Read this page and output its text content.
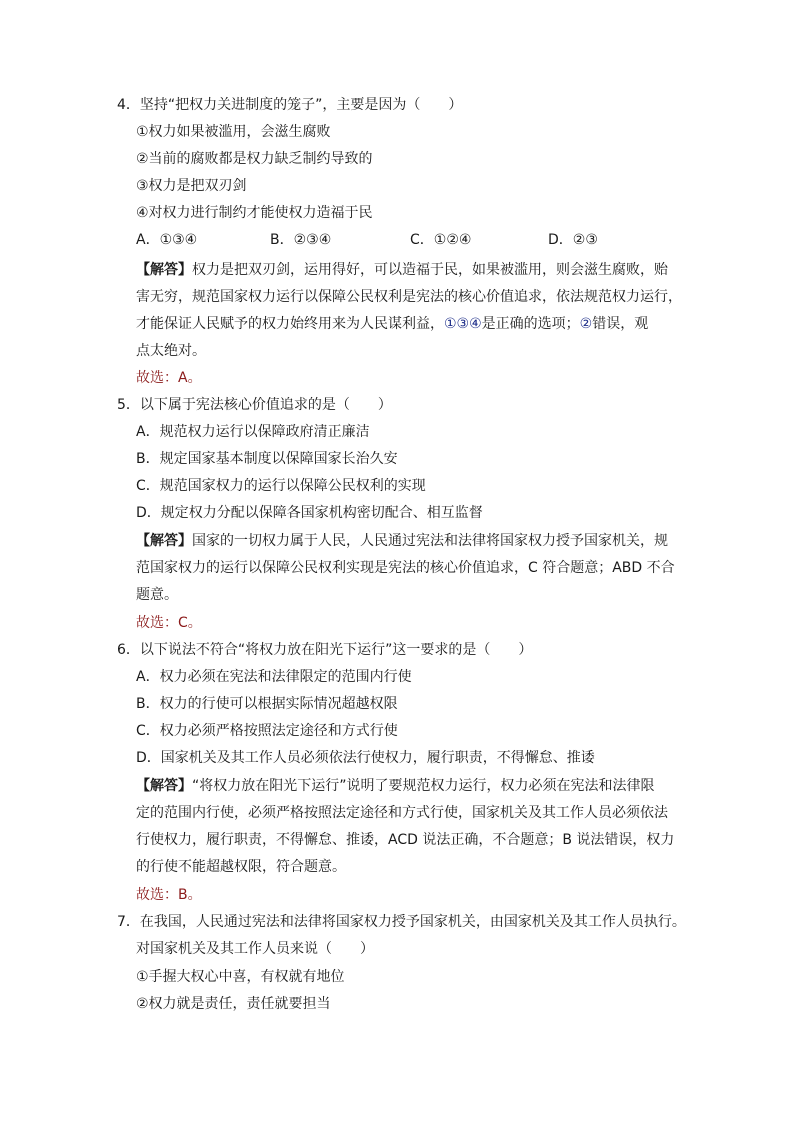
4．坚持“把权力关进制度的笼子”，主要是因为（　　）
①权力如果被滥用，会滋生腐败
②当前的腐败都是权力缺乏制约导致的
③权力是把双刃剑
④对权力进行制约才能使权力造福于民
A．①③④	B．②③④	C．①②④	D．②③
【解答】权力是把双刃剑，运用得好，可以造福于民，如果被滥用，则会滋生腐败，贻
害无穷，规范国家权力运行以保障公民权利是宪法的核心价值追求，依法规范权力运行，
才能保证人民赋予的权力始终用来为人民谋利益，①③④是正确的选项；②错误，观
点太绝对。
故选：A。
5．以下属于宪法核心价值追求的是（　　）
A．规范权力运行以保障政府清正廉洁
B．规定国家基本制度以保障国家长治久安
C．规范国家权力的运行以保障公民权利的实现
D．规定权力分配以保障各国家机构密切配合、相互监督
【解答】国家的一切权力属于人民，人民通过宪法和法律将国家权力授予国家机关，规
范国家权力的运行以保障公民权利实现是宪法的核心价值追求，C 符合题意；ABD 不合
题意。
故选：C。
6．以下说法不符合“将权力放在阳光下运行”这一要求的是（　　）
A．权力必须在宪法和法律限定的范围内行使
B．权力的行使可以根据实际情况超越权限
C．权力必须严格按照法定途径和方式行使
D．国家机关及其工作人员必须依法行使权力，履行职责，不得懈怠、推诿
【解答】“将权力放在阳光下运行”说明了要规范权力运行，权力必须在宪法和法律限
定的范围内行使，必须严格按照法定途径和方式行使，国家机关及其工作人员必须依法
行使权力，履行职责，不得懈怠、推诿，ACD 说法正确，不合题意；B 说法错误，权力
的行使不能超越权限，符合题意。
故选：B。
7．在我国，人民通过宪法和法律将国家权力授予国家机关，由国家机关及其工作人员执行。
对国家机关及其工作人员来说（　　）
①手握大权心中喜，有权就有地位
②权力就是责任，责任就要担当
